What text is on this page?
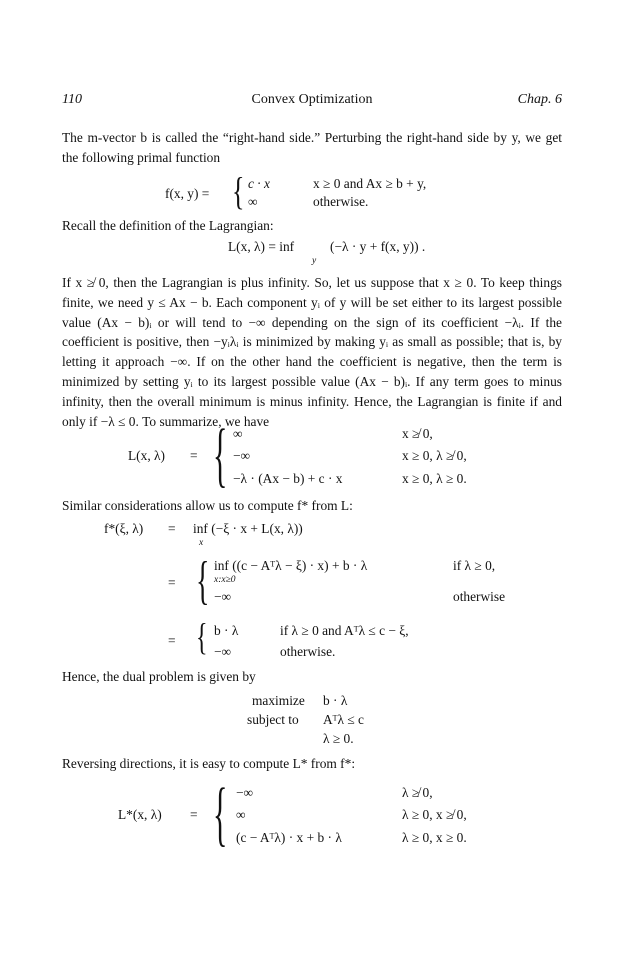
110	Convex Optimization	Chap. 6

The m-vector b is called the “right-hand side.” Perturbing the right-hand side by y, we get the following primal function

f(x, y) = { c · x
∞
x ≥ 0 and Ax ≥ b + y,
otherwise.

Recall the definition of the Lagrangian:

L(x, λ) = inf
y
(−λ · y + f(x, y)) .

If x ≱ 0, then the Lagrangian is plus infinity. So, let us suppose that x ≥ 0. To keep things finite, we need y ≤ Ax − b. Each component yᵢ of y will be set either to its largest possible value (Ax − b)ᵢ or will tend to −∞ depending on the sign of its coefficient −λᵢ. If the coefficient is positive, then −yᵢλᵢ is minimized by making yᵢ as small as possible; that is, by letting it approach −∞. If on the other hand the coefficient is negative, then the term is minimized by setting yᵢ to its largest possible value (Ax − b)ᵢ. If any term goes to minus infinity, then the overall minimum is minus infinity. Hence, the Lagrangian is finite if and only if −λ ≤ 0. To summarize, we have

L(x, λ) = { ∞
−∞
−λ · (Ax − b) + c · x
x ≱ 0,
x ≥ 0, λ ≱ 0,
x ≥ 0, λ ≥ 0.

Similar considerations allow us to compute f* from L:

f*(ξ, λ) = inf (−ξ · x + L(x, λ))
x
= { inf ((c − Aᵀλ − ξ) · x) + b · λ
x:x≥0
−∞
if λ ≥ 0,
otherwise
= { b · λ
−∞
if λ ≥ 0 and Aᵀλ ≤ c − ξ,
otherwise.

Hence, the dual problem is given by

maximize
subject to
b · λ
Aᵀλ ≤ c
λ ≥ 0.

Reversing directions, it is easy to compute L* from f*:

L*(x, λ) = { −∞
∞
(c − Aᵀλ) · x + b · λ
λ ≱ 0,
λ ≥ 0, x ≱ 0,
λ ≥ 0, x ≥ 0.
